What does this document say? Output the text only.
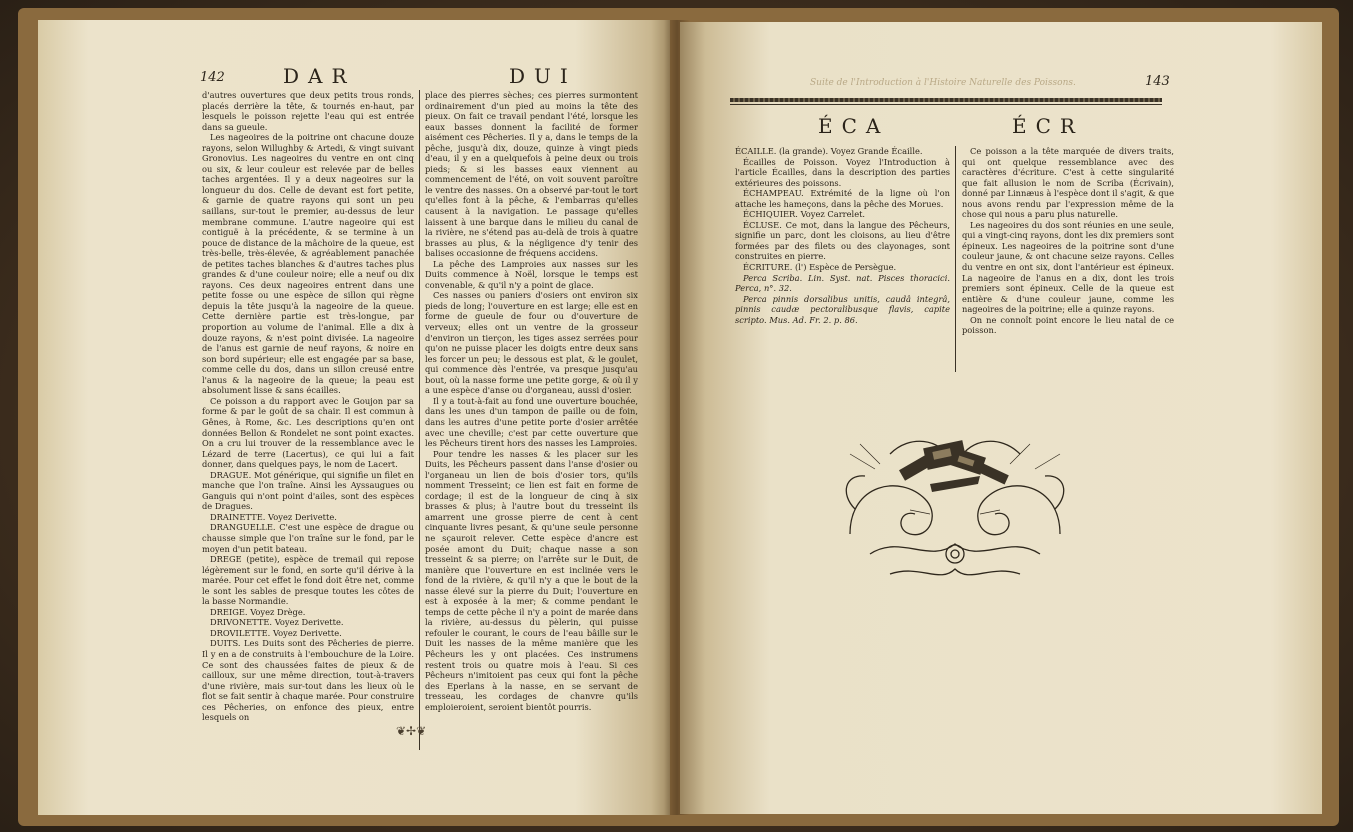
142	DAR	DUI

d'autres ouvertures que deux petits trous ronds, placés derrière la tête, & tournés en-haut, par lesquels le poisson rejette l'eau qui est entrée dans sa gueule.

Les nageoires de la poitrine ont chacune douze rayons, selon Willughby & Artedi, & vingt suivant Gronovius. Les nageoires du ventre en ont cinq ou six, & leur couleur est relevée par de belles taches argentées. Il y a deux nageoires sur la longueur du dos. Celle de devant est fort petite, & garnie de quatre rayons qui sont un peu saillans, sur-tout le premier, au-dessus de leur membrane commune. L'autre nageoire qui est contiguë à la précédente, & se termine à un pouce de distance de la mâchoire de la queue, est très-belle, très-élevée, & agréablement panachée de petites taches blanches & d'autres taches plus grandes & d'une couleur noire; elle a neuf ou dix rayons. Ces deux nageoires entrent dans une petite fosse ou une espèce de sillon qui règne depuis la tête jusqu'à la nageoire de la queue. Cette dernière partie est très-longue, par proportion au volume de l'animal. Elle a dix à douze rayons, & n'est point divisée. La nageoire de l'anus est garnie de neuf rayons, & noire en son bord supérieur; elle est engagée par sa base, comme celle du dos, dans un sillon creusé entre l'anus & la nageoire de la queue; la peau est absolument lisse & sans écailles.

Ce poisson a du rapport avec le Goujon par sa forme & par le goût de sa chair. Il est commun à Gênes, à Rome, &c. Les descriptions qu'en ont données Bellon & Rondelet ne sont point exactes. On a cru lui trouver de la ressemblance avec le Lézard de terre (Lacertus), ce qui lui a fait donner, dans quelques pays, le nom de Lacert.

DRAGUE. Mot générique, qui signifie un filet en manche que l'on traîne. Ainsi les Ayssaugues ou Ganguis qui n'ont point d'ailes, sont des espèces de Dragues.

DRAINETTE. Voyez Derivette.

DRANGUELLE. C'est une espèce de drague ou chausse simple que l'on traîne sur le fond, par le moyen d'un petit bateau.

DREGE (petite), espèce de tremail qui repose légèrement sur le fond, en sorte qu'il dérive à la marée. Pour cet effet le fond doit être net, comme le sont les sables de presque toutes les côtes de la basse Normandie.

DREIGE. Voyez Drège.

DRIVONETTE. Voyez Derivette.

DROVILETTE. Voyez Derivette.

DUITS. Les Duits sont des Pêcheries de pierre. Il y en a de construits à l'embouchure de la Loire. Ce sont des chaussées faites de pieux & de cailloux, sur une même direction, tout-à-travers d'une rivière, mais sur-tout dans les lieux où le flot se fait sentir à chaque marée. Pour construire ces Pêcheries, on enfonce des pieux, entre lesquels on

place des pierres sèches; ces pierres surmontent ordinairement d'un pied au moins la tête des pieux. On fait ce travail pendant l'été, lorsque les eaux basses donnent la facilité de former aisément ces Pêcheries. Il y a, dans le temps de la pêche, jusqu'à dix, douze, quinze à vingt pieds d'eau, il y en a quelquefois à peine deux ou trois pieds; & si les basses eaux viennent au commencement de l'été, on voit souvent paroître le ventre des nasses. On a observé par-tout le tort qu'elles font à la pêche, & l'embarras qu'elles causent à la navigation. Le passage qu'elles laissent à une barque dans le milieu du canal de la rivière, ne s'étend pas au-delà de trois à quatre brasses au plus, & la négligence d'y tenir des balises occasionne de fréquens accidens.

La pêche des Lamproies aux nasses sur les Duits commence à Noël, lorsque le temps est convenable, & qu'il n'y a point de glace.

Ces nasses ou paniers d'osiers ont environ six pieds de long; l'ouverture en est large; elle est en forme de gueule de four ou d'ouverture de verveux; elles ont un ventre de la grosseur d'environ un tierçon, les tiges assez serrées pour qu'on ne puisse placer les doigts entre deux sans les forcer un peu; le dessous est plat, & le goulet, qui commence dès l'entrée, va presque jusqu'au bout, où la nasse forme une petite gorge, & où il y a une espèce d'anse ou d'organeau, aussi d'osier.

Il y a tout-à-fait au fond une ouverture bouchée, dans les unes d'un tampon de paille ou de foin, dans les autres d'une petite porte d'osier arrêtée avec une cheville; c'est par cette ouverture que les Pêcheurs tirent hors des nasses les Lamproies.

Pour tendre les nasses & les placer sur les Duits, les Pêcheurs passent dans l'anse d'osier ou l'organeau un lien de bois d'osier tors, qu'ils nomment Tresseint; ce lien est fait en forme de cordage; il est de la longueur de cinq à six brasses & plus; à l'autre bout du tresseint ils amarrent une grosse pierre de cent à cent cinquante livres pesant, & qu'une seule personne ne sçauroit relever. Cette espèce d'ancre est posée amont du Duit; chaque nasse a son tresseint & sa pierre; on l'arrête sur le Duit, de manière que l'ouverture en est inclinée vers le fond de la rivière, & qu'il n'y a que le bout de la nasse élevé sur la pierre du Duit; l'ouverture en est à exposée à la mer; & comme pendant le temps de cette pêche il n'y a point de marée dans la rivière, au-dessus du pèlerin, qui puisse refouler le courant, le cours de l'eau bâille sur le Duit les nasses de la même manière que les Pêcheurs les y ont placées. Ces instrumens restent trois ou quatre mois à l'eau. Si ces Pêcheurs n'imitoient pas ceux qui font la pêche des Eperlans à la nasse, en se servant de tresseau, les cordages de chanvre qu'ils emploieroient, seroient bientôt pourris.

❦✢❦
Suite de l'Introduction à l'Histoire Naturelle des Poissons.	143
ÉCA	ÉCR

ÉCAILLE. (la grande). Voyez Grande Écaille.

Écailles de Poisson. Voyez l'Introduction à l'article Écailles, dans la description des parties extérieures des poissons.

ÉCHAMPEAU. Extrémité de la ligne où l'on attache les hameçons, dans la pêche des Morues.

ÉCHIQUIER. Voyez Carrelet.

ÉCLUSE. Ce mot, dans la langue des Pêcheurs, signifie un parc, dont les cloisons, au lieu d'être formées par des filets ou des clayonages, sont construites en pierre.

ÉCRITURE. (l') Espèce de Persègue.

Perca Scriba. Lin. Syst. nat. Pisces thoracici. Perca, n°. 32.

Perca pinnis dorsalibus unitis, caudâ integrâ, pinnis caudæ pectoralibusque flavis, capite scripto. Mus. Ad. Fr. 2. p. 86.

Ce poisson a la tête marquée de divers traits, qui ont quelque ressemblance avec des caractères d'écriture. C'est à cette singularité que fait allusion le nom de Scriba (Écrivain), donné par Linnæus à l'espèce dont il s'agit, & que nous avons rendu par l'expression même de la chose qui nous a paru plus naturelle.

Les nageoires du dos sont réunies en une seule, qui a vingt-cinq rayons, dont les dix premiers sont épineux. Les nageoires de la poitrine sont d'une couleur jaune, & ont chacune seize rayons. Celles du ventre en ont six, dont l'antérieur est épineux. La nageoire de l'anus en a dix, dont les trois premiers sont épineux. Celle de la queue est entière & d'une couleur jaune, comme les nageoires de la poitrine; elle a quinze rayons.

On ne connoît point encore le lieu natal de ce poisson.
